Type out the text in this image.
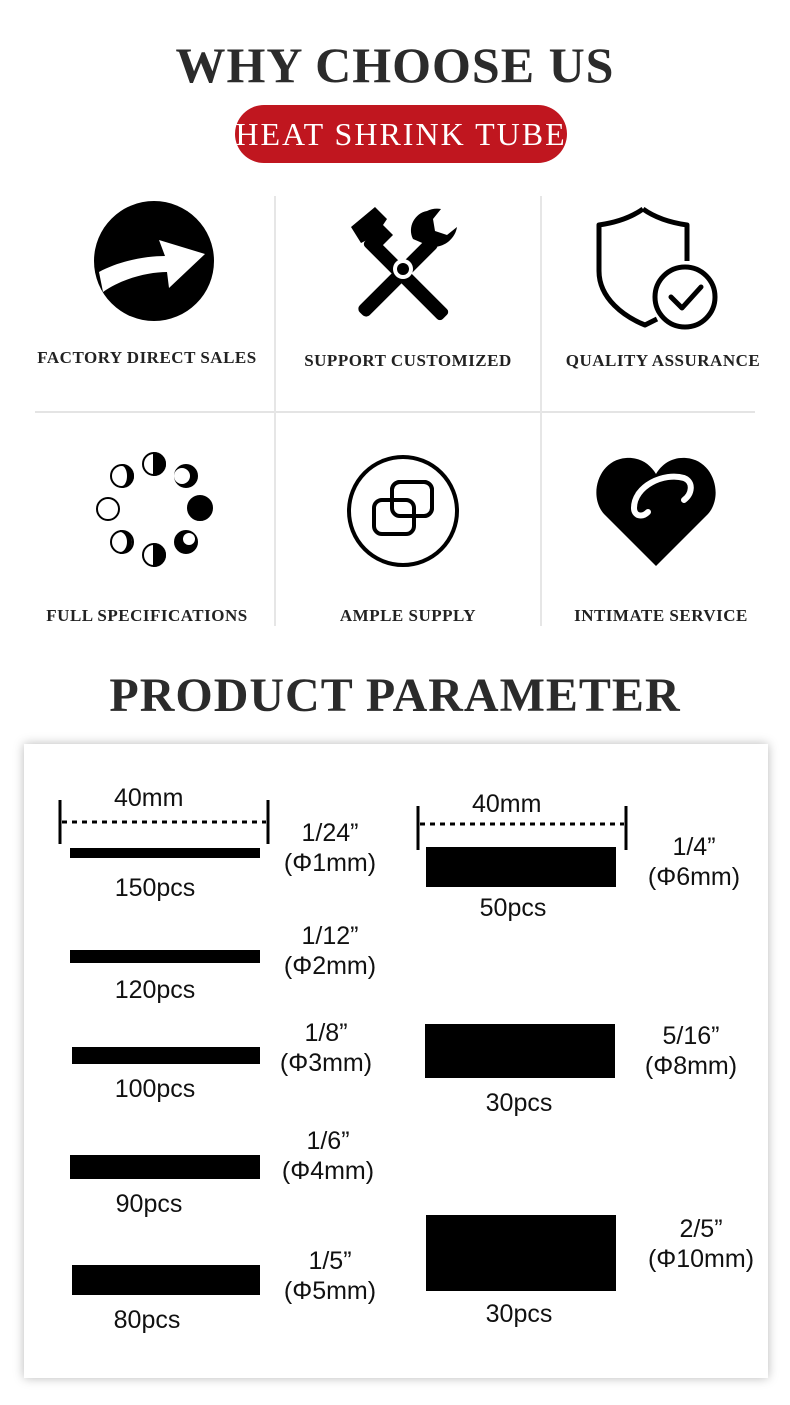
WHY CHOOSE US
HEAT SHRINK TUBE
FACTORY DIRECT SALES	SUPPORT CUSTOMIZED	QUALITY ASSURANCE
FULL SPECIFICATIONS	AMPLE SUPPLY	INTIMATE SERVICE
PRODUCT PARAMETER
40mm	40mm
150pcs
1/24”
(Φ1mm)
120pcs
1/12”
(Φ2mm)
100pcs
1/8”
(Φ3mm)
90pcs
1/6”
(Φ4mm)
80pcs
1/5”
(Φ5mm)
50pcs
1/4”
(Φ6mm)
30pcs
5/16”
(Φ8mm)
30pcs
2/5”
(Φ10mm)
